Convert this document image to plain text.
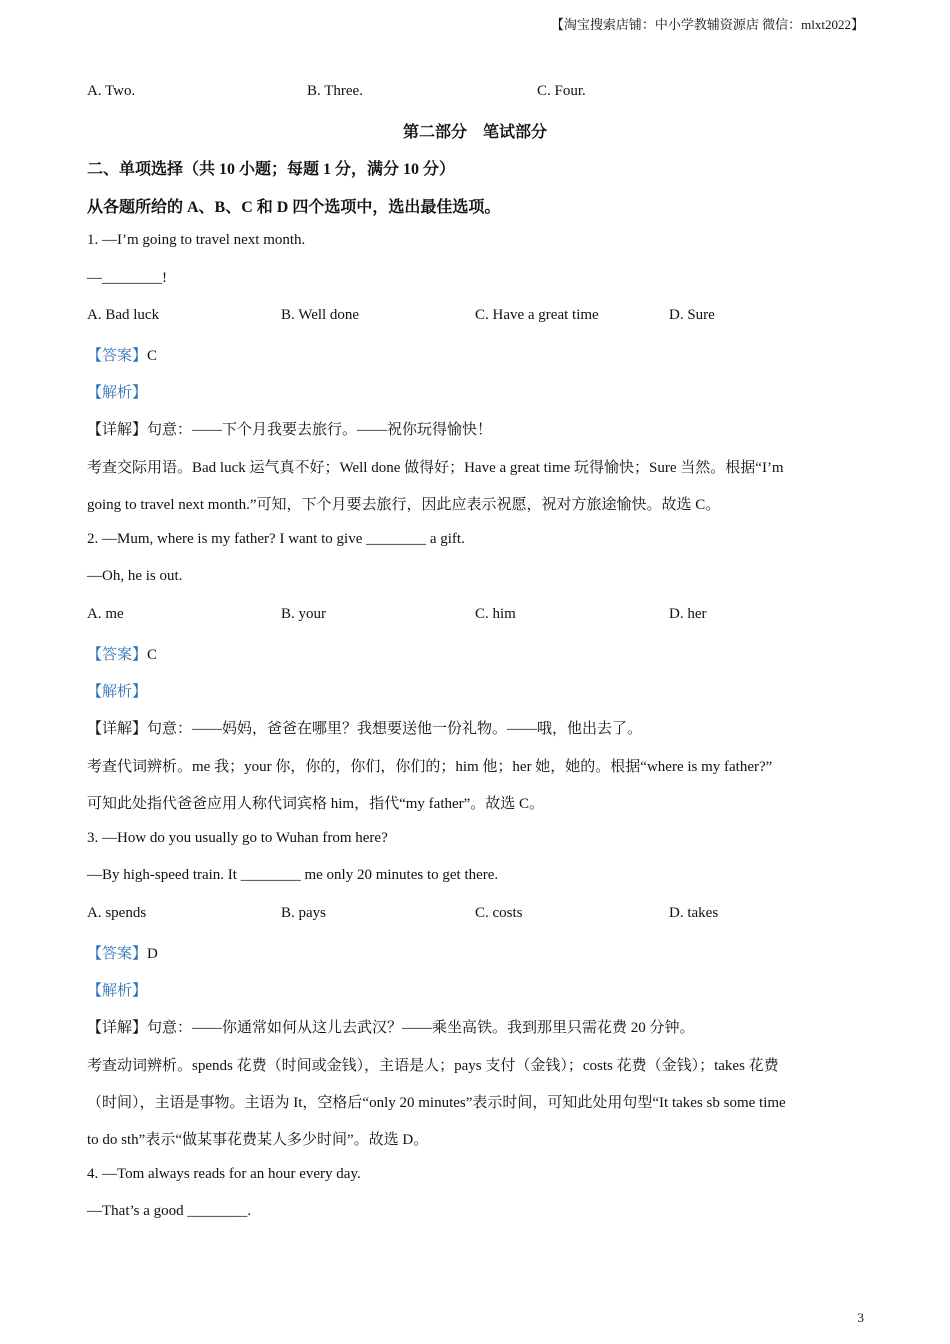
【淘宝搜索店铺：中小学教辅资源店 微信：mlxt2022】
A. Two.	B. Three.	C. Four.
第二部分　笔试部分
二、单项选择（共 10 小题；每题 1 分，满分 10 分）
从各题所给的 A、B、C 和 D 四个选项中，选出最佳选项。
1. —I’m going to travel next month.
—________!
A. Bad luck	B. Well done	C. Have a great time	D. Sure
【答案】C
【解析】
【详解】句意：——下个月我要去旅行。——祝你玩得愉快！
考查交际用语。Bad luck 运气真不好；Well done 做得好；Have a great time 玩得愉快；Sure 当然。根据“I’m
going to travel next month.”可知，下个月要去旅行，因此应表示祝愿，祝对方旅途愉快。故选 C。
2. —Mum, where is my father? I want to give ________ a gift.
—Oh, he is out.
A. me	B. your	C. him	D. her
【答案】C
【解析】
【详解】句意：——妈妈，爸爸在哪里？我想要送他一份礼物。——哦，他出去了。
考查代词辨析。me 我；your 你，你的，你们，你们的；him 他；her 她，她的。根据“where is my father?”
可知此处指代爸爸应用人称代词宾格 him，指代“my father”。故选 C。
3. —How do you usually go to Wuhan from here?
—By high-speed train. It ________ me only 20 minutes to get there.
A. spends	B. pays	C. costs	D. takes
【答案】D
【解析】
【详解】句意：——你通常如何从这儿去武汉？——乘坐高铁。我到那里只需花费 20 分钟。
考查动词辨析。spends 花费（时间或金钱），主语是人；pays 支付（金钱）；costs 花费（金钱）；takes 花费
（时间），主语是事物。主语为 It，空格后“only 20 minutes”表示时间，可知此处用句型“It takes sb some time
to do sth”表示“做某事花费某人多少时间”。故选 D。
4. —Tom always reads for an hour every day.
—That’s a good ________.
3
